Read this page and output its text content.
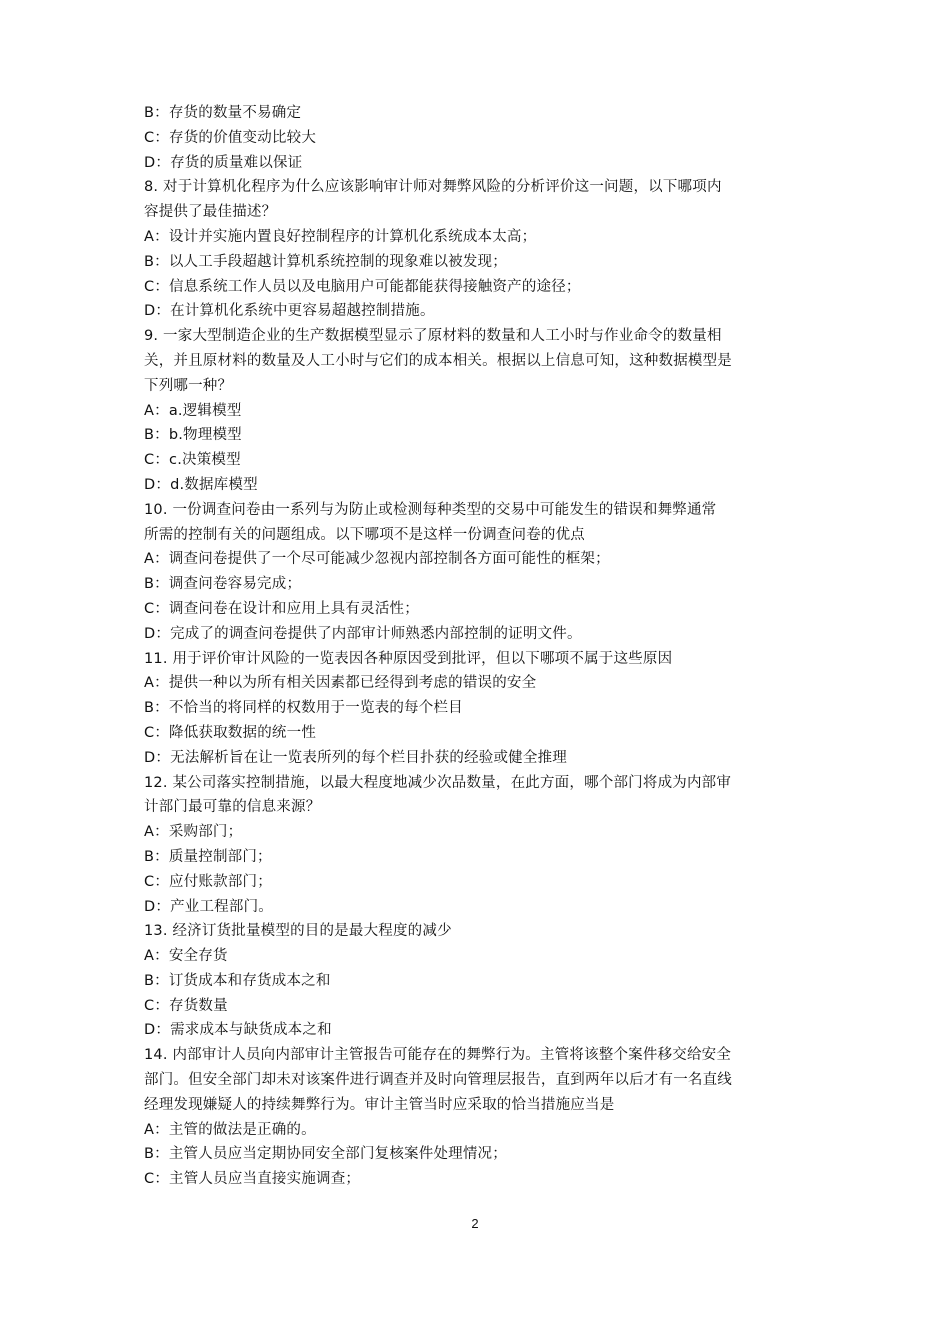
B：存货的数量不易确定
C：存货的价值变动比较大
D：存货的质量难以保证
8. 对于计算机化程序为什么应该影响审计师对舞弊风险的分析评价这一问题，以下哪项内
容提供了最佳描述？
A：设计并实施内置良好控制程序的计算机化系统成本太高；
B：以人工手段超越计算机系统控制的现象难以被发现；
C：信息系统工作人员以及电脑用户可能都能获得接触资产的途径；
D：在计算机化系统中更容易超越控制措施。
9. 一家大型制造企业的生产数据模型显示了原材料的数量和人工小时与作业命令的数量相
关，并且原材料的数量及人工小时与它们的成本相关。根据以上信息可知，这种数据模型是
下列哪一种？
A：a.逻辑模型
B：b.物理模型
C：c.决策模型
D：d.数据库模型
10. 一份调查问卷由一系列与为防止或检测每种类型的交易中可能发生的错误和舞弊通常
所需的控制有关的问题组成。以下哪项不是这样一份调查问卷的优点
A：调查问卷提供了一个尽可能减少忽视内部控制各方面可能性的框架；
B：调查问卷容易完成；
C：调查问卷在设计和应用上具有灵活性；
D：完成了的调查问卷提供了内部审计师熟悉内部控制的证明文件。
11. 用于评价审计风险的一览表因各种原因受到批评，但以下哪项不属于这些原因
A：提供一种以为所有相关因素都已经得到考虑的错误的安全
B：不恰当的将同样的权数用于一览表的每个栏目
C：降低获取数据的统一性
D：无法解析旨在让一览表所列的每个栏目扑获的经验或健全推理
12. 某公司落实控制措施，以最大程度地减少次品数量，在此方面，哪个部门将成为内部审
计部门最可靠的信息来源？
A：采购部门；
B：质量控制部门；
C：应付账款部门；
D：产业工程部门。
13. 经济订货批量模型的目的是最大程度的减少
A：安全存货
B：订货成本和存货成本之和
C：存货数量
D：需求成本与缺货成本之和
14. 内部审计人员向内部审计主管报告可能存在的舞弊行为。主管将该整个案件移交给安全
部门。但安全部门却未对该案件进行调查并及时向管理层报告，直到两年以后才有一名直线
经理发现嫌疑人的持续舞弊行为。审计主管当时应采取的恰当措施应当是
A：主管的做法是正确的。
B：主管人员应当定期协同安全部门复核案件处理情况；
C：主管人员应当直接实施调查；
2
